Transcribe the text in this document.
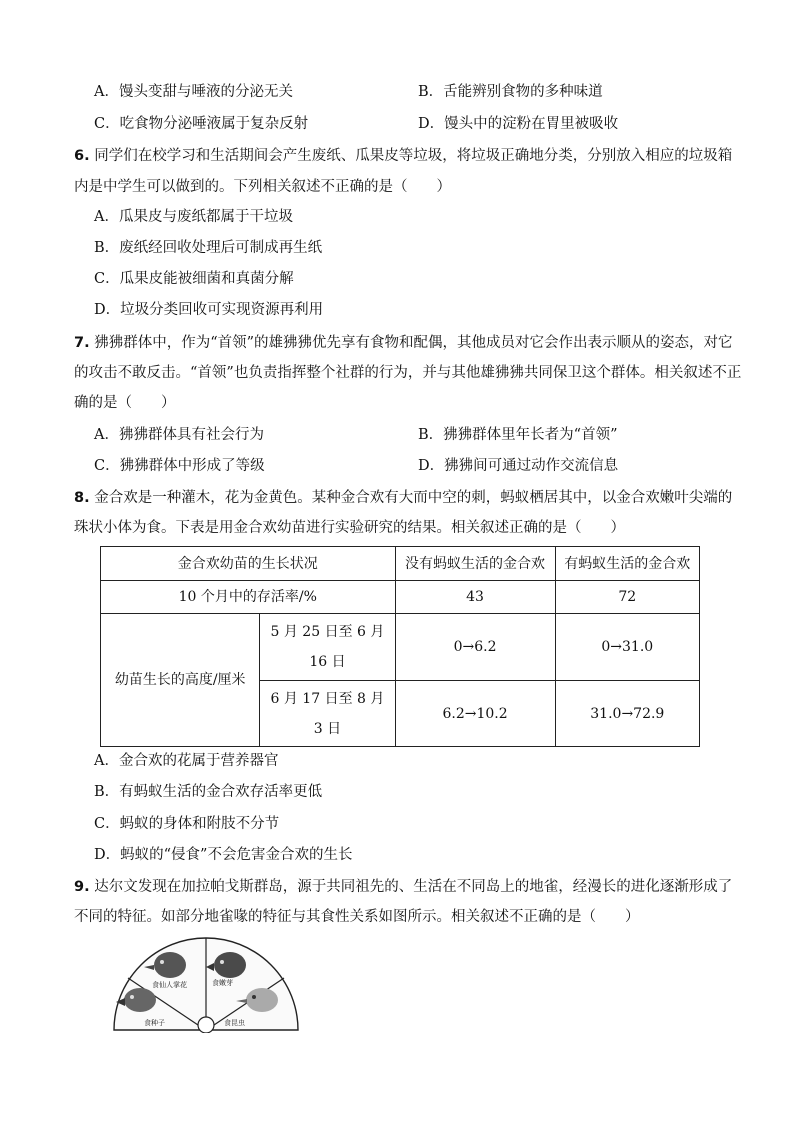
A．馒头变甜与唾液的分泌无关	B．舌能辨别食物的多种味道
C．吃食物分泌唾液属于复杂反射	D．馒头中的淀粉在胃里被吸收
6. 同学们在校学习和生活期间会产生废纸、瓜果皮等垃圾，将垃圾正确地分类，分别放入相应的垃圾箱
内是中学生可以做到的。下列相关叙述不正确的是（　　）
A．瓜果皮与废纸都属于干垃圾
B．废纸经回收处理后可制成再生纸
C．瓜果皮能被细菌和真菌分解
D．垃圾分类回收可实现资源再利用
7. 狒狒群体中，作为“首领”的雄狒狒优先享有食物和配偶，其他成员对它会作出表示顺从的姿态，对它
的攻击不敢反击。“首领”也负责指挥整个社群的行为，并与其他雄狒狒共同保卫这个群体。相关叙述不正
确的是（　　）
A．狒狒群体具有社会行为	B．狒狒群体里年长者为“首领”
C．狒狒群体中形成了等级	D．狒狒间可通过动作交流信息
8. 金合欢是一种灌木，花为金黄色。某种金合欢有大而中空的刺，蚂蚁栖居其中，以金合欢嫩叶尖端的
珠状小体为食。下表是用金合欢幼苗进行实验研究的结果。相关叙述正确的是（　　）
金合欢幼苗的生长状况		没有蚂蚁生活的金合欢	有蚂蚁生活的金合欢
10 个月中的存活率/%		43	72
幼苗生长的高度/厘米	5 月 25 日至 6 月 16 日	0→6.2	0→31.0
	6 月 17 日至 8 月 3 日	6.2→10.2	31.0→72.9
A．金合欢的花属于营养器官
B．有蚂蚁生活的金合欢存活率更低
C．蚂蚁的身体和附肢不分节
D．蚂蚁的“侵食”不会危害金合欢的生长
9. 达尔文发现在加拉帕戈斯群岛，源于共同祖先的、生活在不同岛上的地雀，经漫长的进化逐渐形成了
不同的特征。如部分地雀喙的特征与其食性关系如图所示。相关叙述不正确的是（　　）
食仙人掌花	食嫩芽
食种子	食昆虫
